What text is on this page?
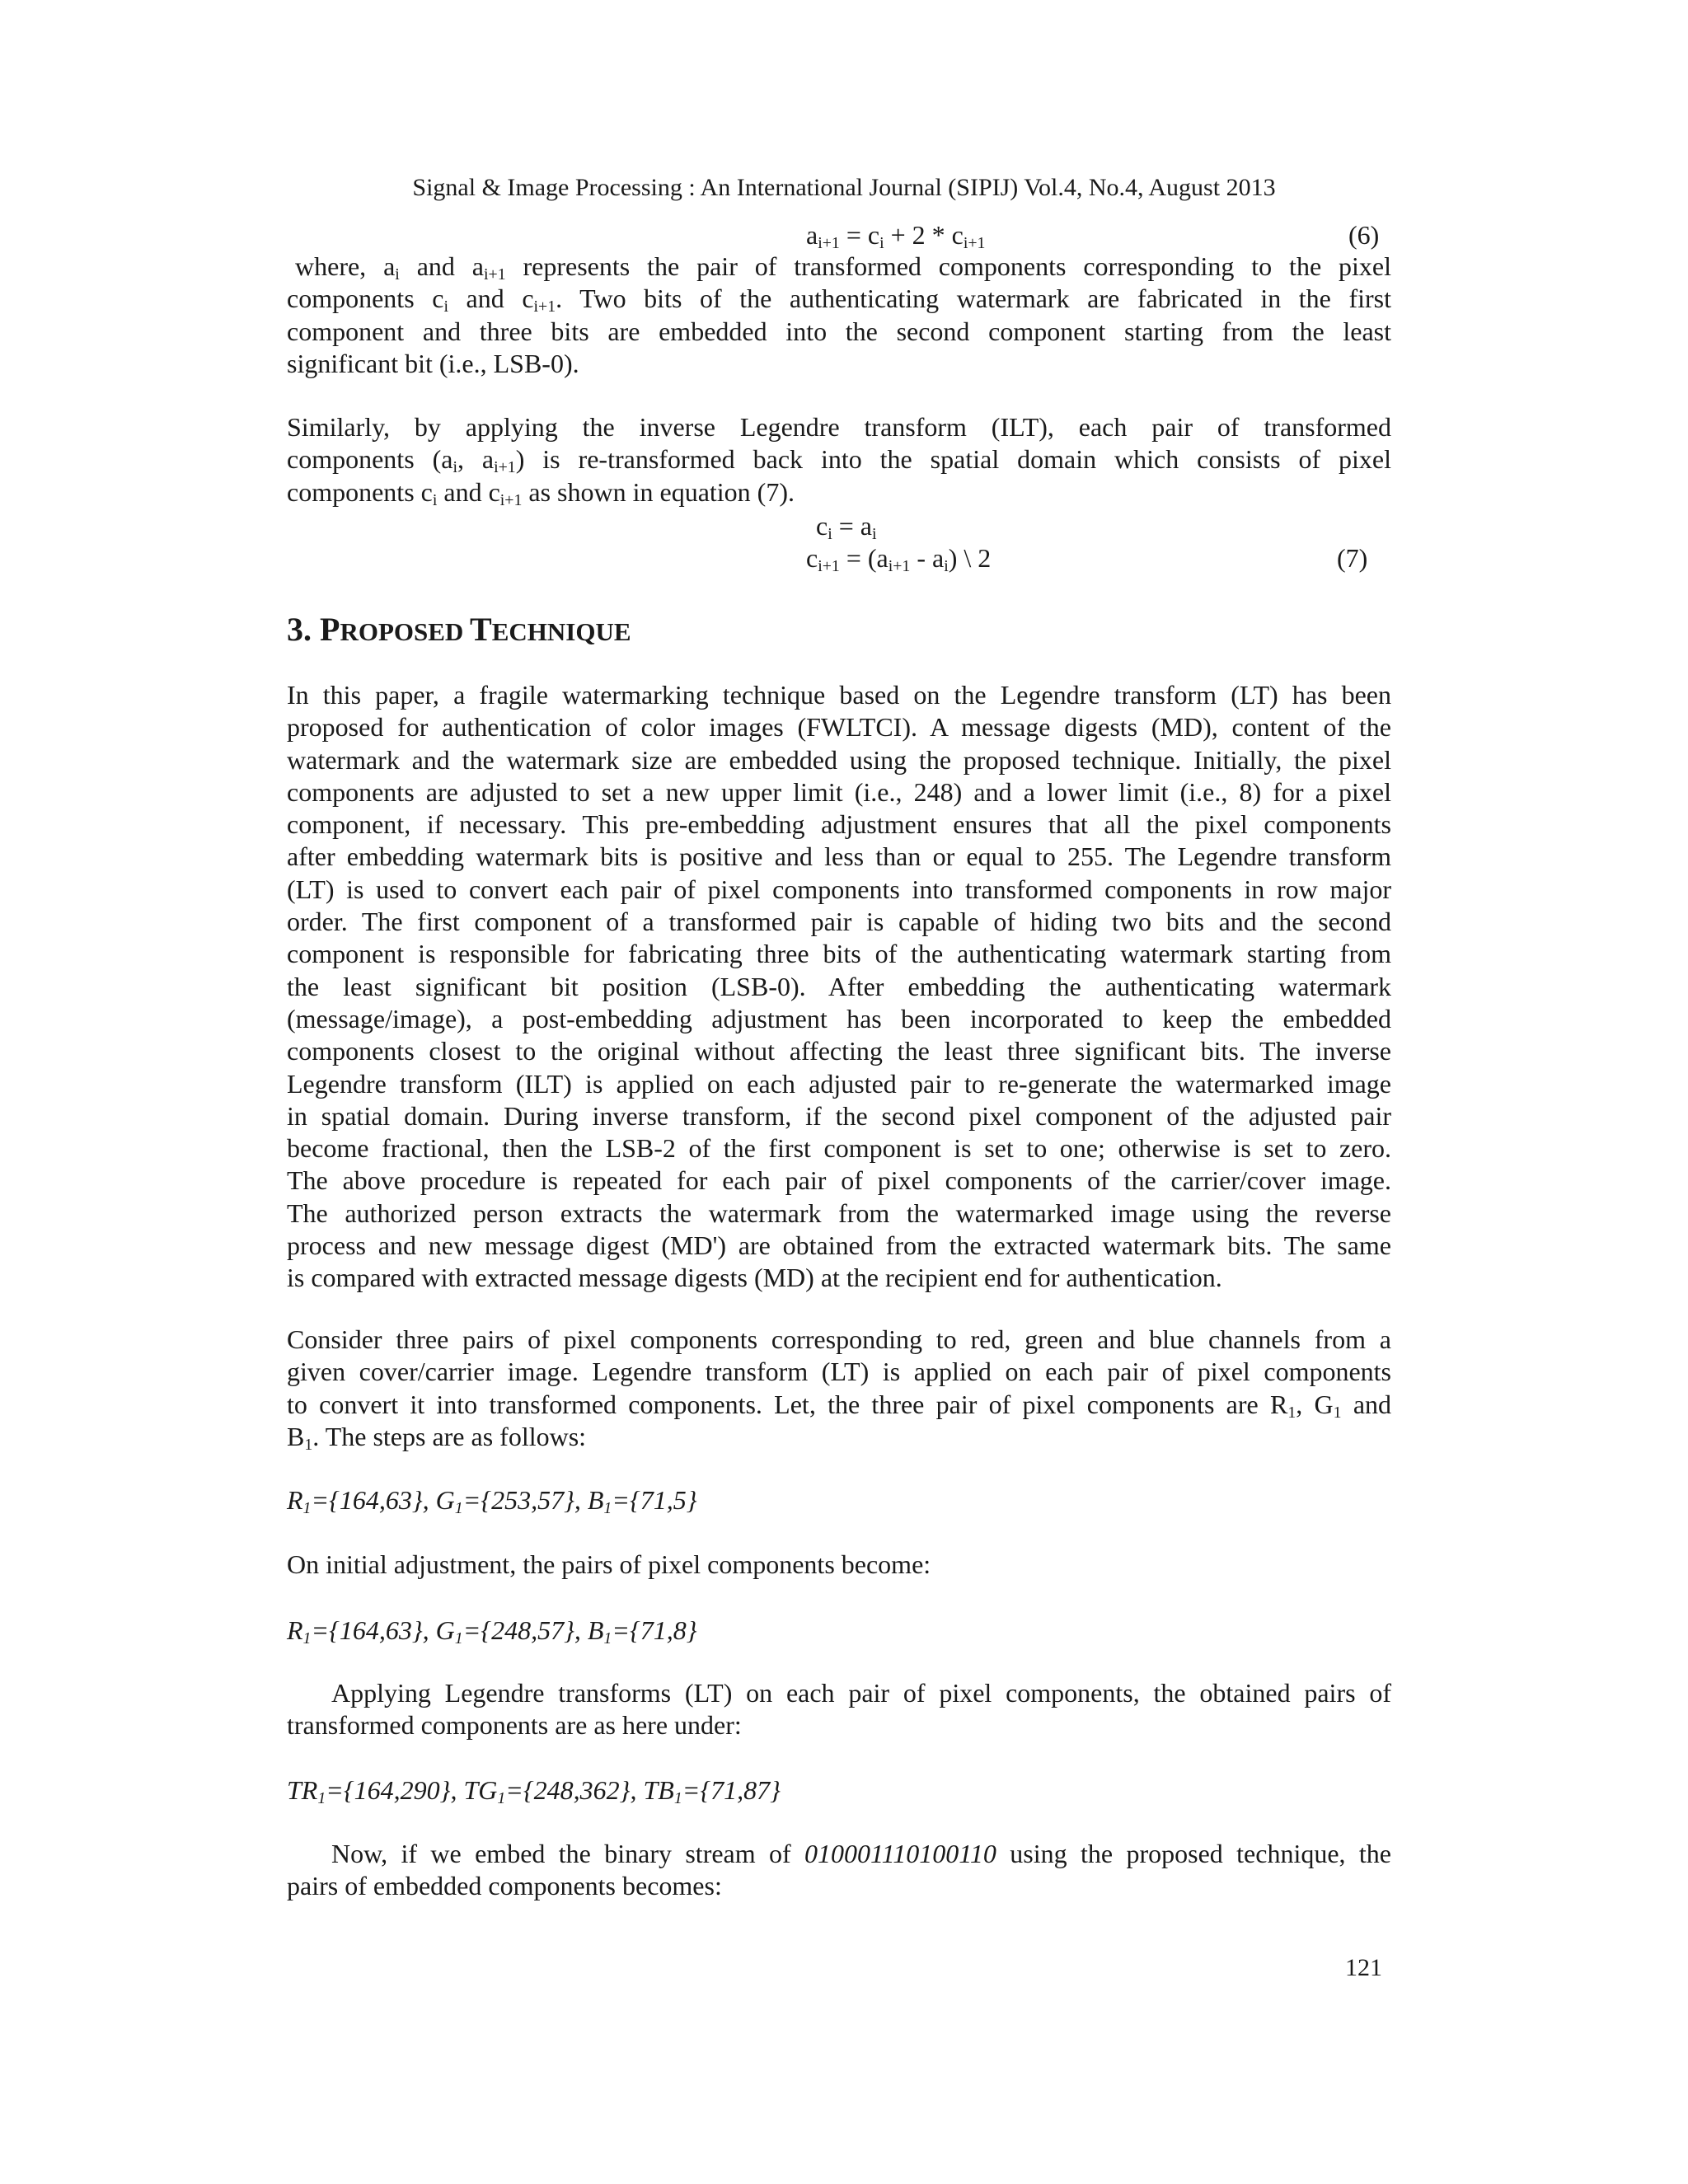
Signal & Image Processing : An International Journal (SIPIJ) Vol.4, No.4, August 2013
$a_{i+1} = c_i + 2 * c_{i+1}$	(6)
where, $a_i$ and $a_{i+1}$ represents the pair of transformed components corresponding to the pixel
components $c_i$ and $c_{i+1}$. Two bits of the authenticating watermark are fabricated in the first
component and three bits are embedded into the second component starting from the least
significant bit (i.e., LSB-0).
Similarly, by applying the inverse Legendre transform (ILT), each pair of transformed
components ($a_i$, $a_{i+1}$) is re-transformed back into the spatial domain which consists of pixel
components $c_i$ and $c_{i+1}$ as shown in equation (7).
$c_i = a_i$
$c_{i+1} = (a_{i+1} - a_i)$ \ 2	(7)
3. PROPOSED TECHNIQUE
In this paper, a fragile watermarking technique based on the Legendre transform (LT) has been
proposed for authentication of color images (FWLTCI). A message digests (MD), content of the
watermark and the watermark size are embedded using the proposed technique. Initially, the pixel
components are adjusted to set a new upper limit (i.e., 248) and a lower limit (i.e., 8) for a pixel
component, if necessary. This pre-embedding adjustment ensures that all the pixel components
after embedding watermark bits is positive and less than or equal to 255. The Legendre transform
(LT) is used to convert each pair of pixel components into transformed components in row major
order. The first component of a transformed pair is capable of hiding two bits and the second
component is responsible for fabricating three bits of the authenticating watermark starting from
the least significant bit position (LSB-0). After embedding the authenticating watermark
(message/image), a post-embedding adjustment has been incorporated to keep the embedded
components closest to the original without affecting the least three significant bits. The inverse
Legendre transform (ILT) is applied on each adjusted pair to re-generate the watermarked image
in spatial domain. During inverse transform, if the second pixel component of the adjusted pair
become fractional, then the LSB-2 of the first component is set to one; otherwise is set to zero.
The above procedure is repeated for each pair of pixel components of the carrier/cover image.
The authorized person extracts the watermark from the watermarked image using the reverse
process and new message digest (MD') are obtained from the extracted watermark bits. The same
is compared with extracted message digests (MD) at the recipient end for authentication.
Consider three pairs of pixel components corresponding to red, green and blue channels from a
given cover/carrier image. Legendre transform (LT) is applied on each pair of pixel components
to convert it into transformed components. Let, the three pair of pixel components are $R_1$, $G_1$ and
$B_1$. The steps are as follows:
$R_1=\{164,63\}$, $G_1=\{253,57\}$, $B_1=\{71,5\}$
On initial adjustment, the pairs of pixel components become:
$R_1=\{164,63\}$, $G_1=\{248,57\}$, $B_1=\{71,8\}$
Applying Legendre transforms (LT) on each pair of pixel components, the obtained pairs of
transformed components are as here under:
$TR_1=\{164,290\}$, $TG_1=\{248,362\}$, $TB_1=\{71,87\}$
Now, if we embed the binary stream of 010001110100110 using the proposed technique, the
pairs of embedded components becomes:
121
